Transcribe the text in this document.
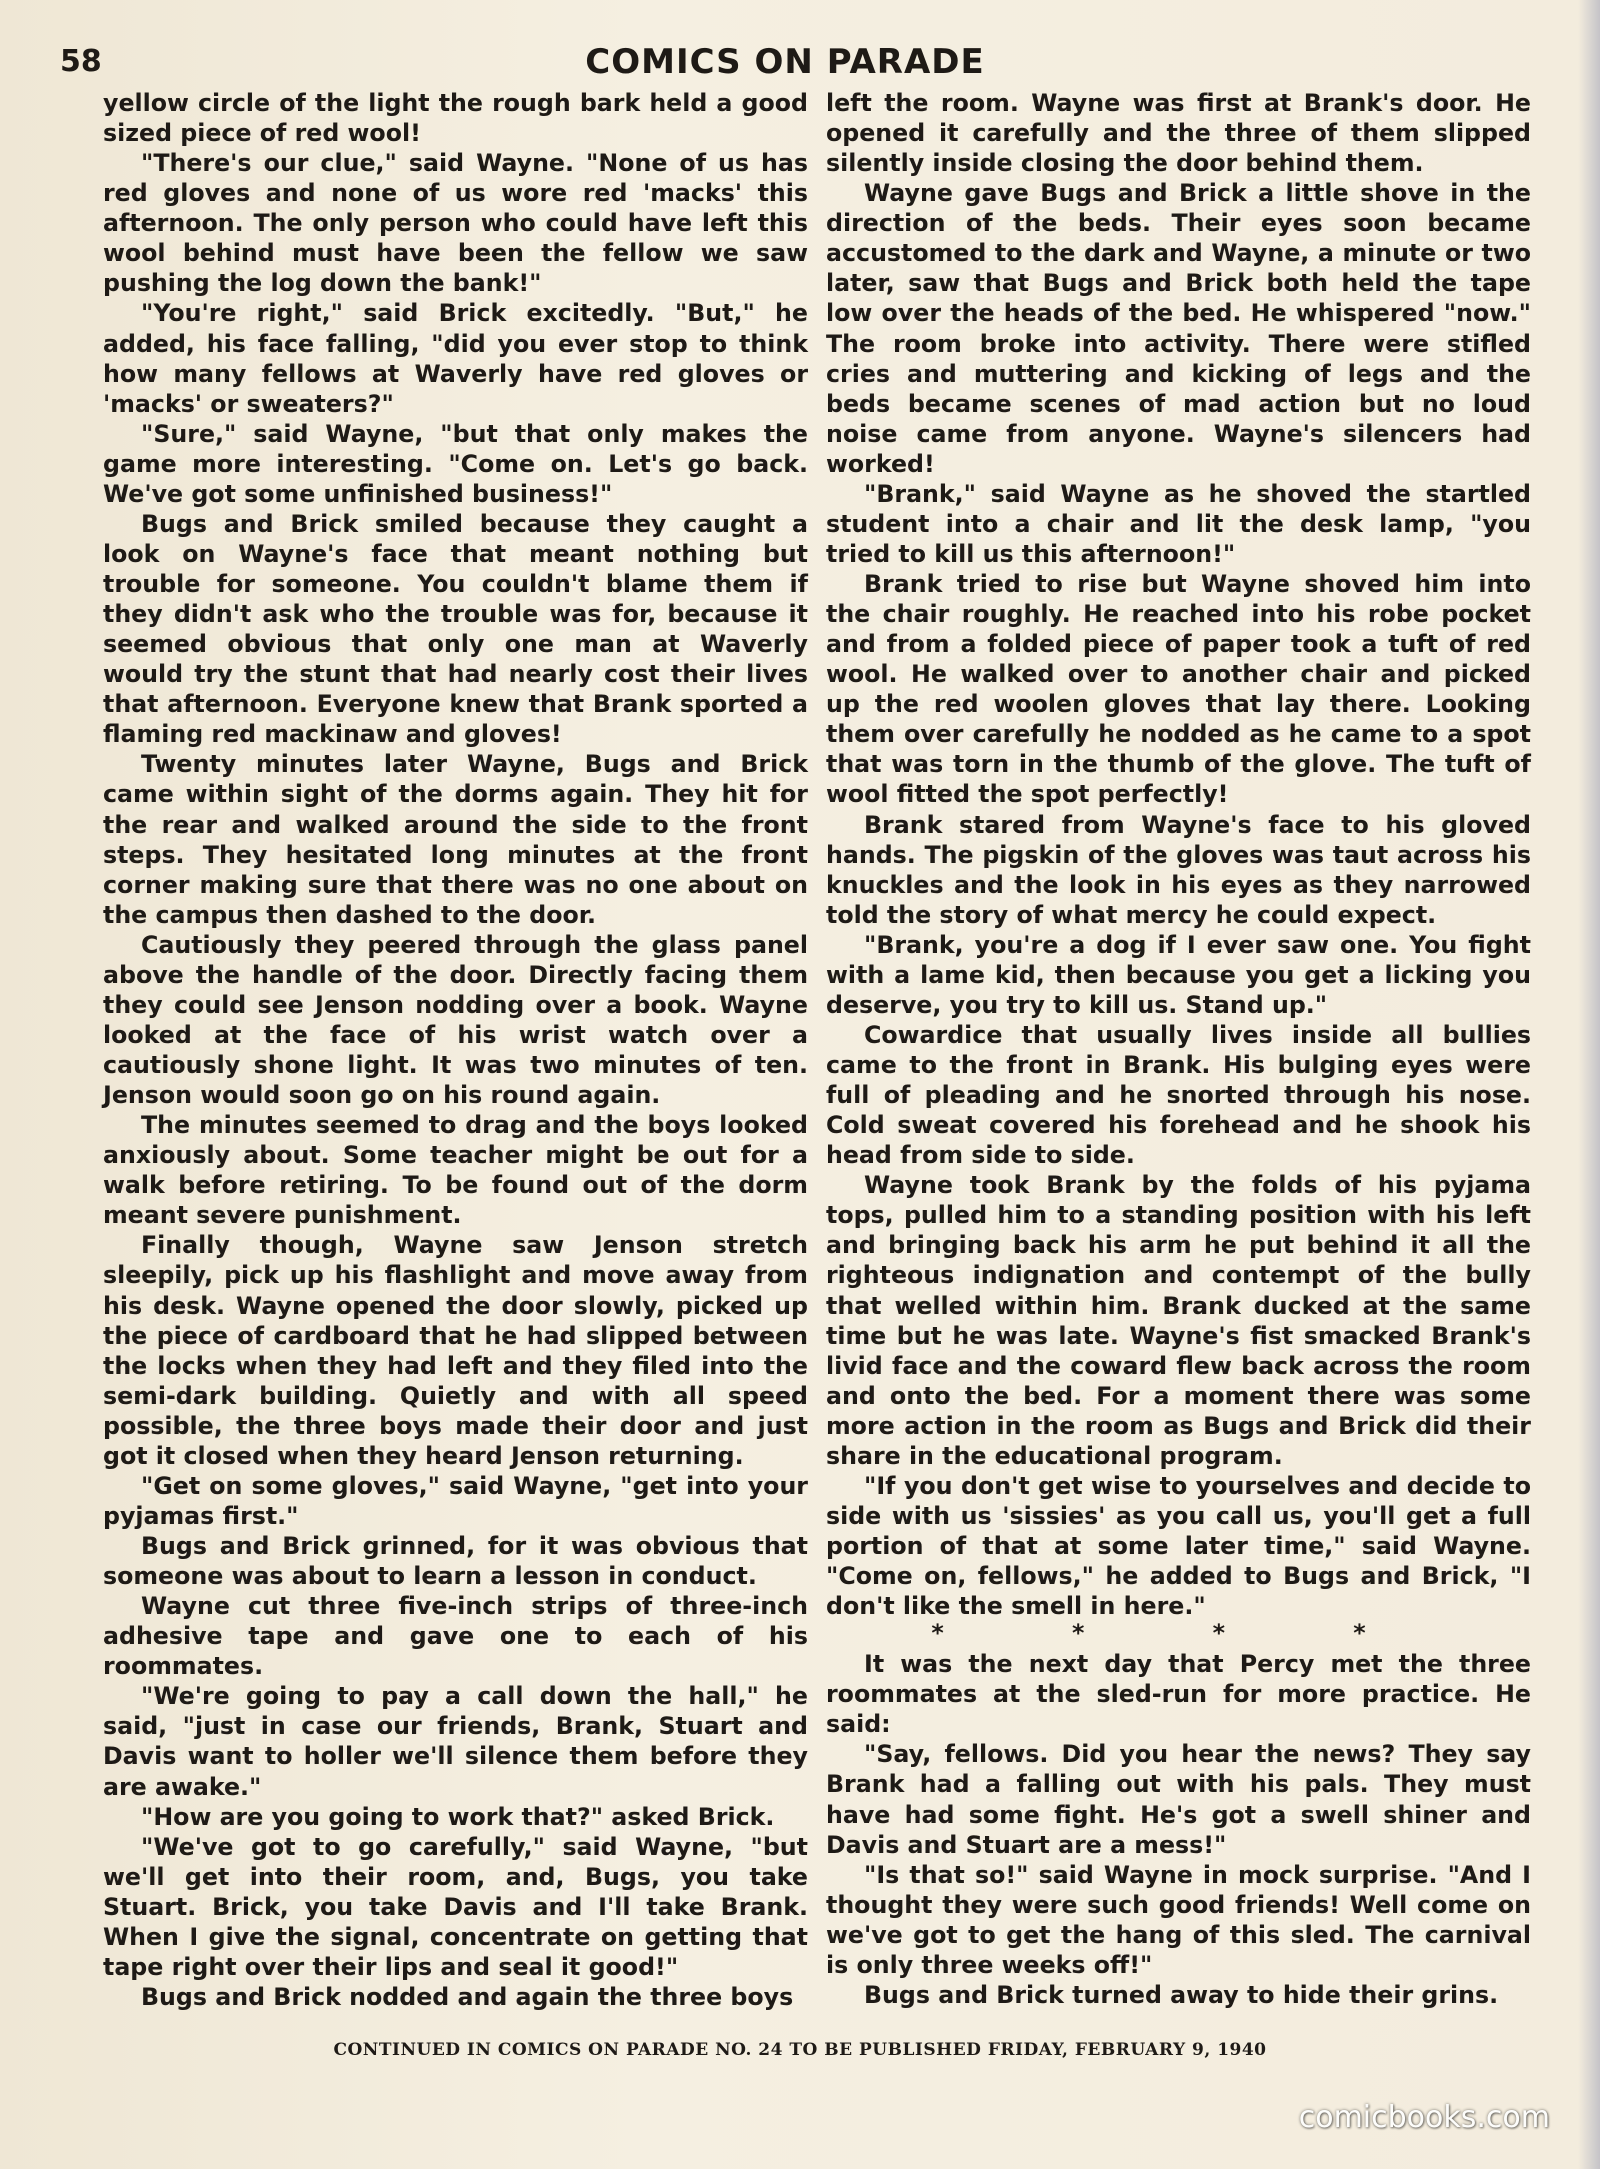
58	COMICS ON PARADE

yellow circle of the light the rough bark held a good sized piece of red wool!

"There's our clue," said Wayne. "None of us has red gloves and none of us wore red 'macks' this afternoon. The only person who could have left this wool behind must have been the fellow we saw pushing the log down the bank!"

"You're right," said Brick excitedly. "But," he added, his face falling, "did you ever stop to think how many fellows at Waverly have red gloves or 'macks' or sweaters?"

"Sure," said Wayne, "but that only makes the game more interesting. "Come on. Let's go back. We've got some unfinished business!"

Bugs and Brick smiled because they caught a look on Wayne's face that meant nothing but trouble for someone. You couldn't blame them if they didn't ask who the trouble was for, because it seemed obvious that only one man at Waverly would try the stunt that had nearly cost their lives that afternoon. Everyone knew that Brank sported a flaming red mackinaw and gloves!

Twenty minutes later Wayne, Bugs and Brick came within sight of the dorms again. They hit for the rear and walked around the side to the front steps. They hesitated long minutes at the front corner making sure that there was no one about on the campus then dashed to the door.

Cautiously they peered through the glass panel above the handle of the door. Directly facing them they could see Jenson nodding over a book. Wayne looked at the face of his wrist watch over a cautiously shone light. It was two minutes of ten. Jenson would soon go on his round again.

The minutes seemed to drag and the boys looked anxiously about. Some teacher might be out for a walk before retiring. To be found out of the dorm meant severe punishment.

Finally though, Wayne saw Jenson stretch sleepily, pick up his flashlight and move away from his desk. Wayne opened the door slowly, picked up the piece of cardboard that he had slipped between the locks when they had left and they filed into the semi-dark building. Quietly and with all speed possible, the three boys made their door and just got it closed when they heard Jenson returning.

"Get on some gloves," said Wayne, "get into your pyjamas first."

Bugs and Brick grinned, for it was obvious that someone was about to learn a lesson in conduct.

Wayne cut three five-inch strips of three-inch adhesive tape and gave one to each of his roommates.

"We're going to pay a call down the hall," he said, "just in case our friends, Brank, Stuart and Davis want to holler we'll silence them before they are awake."

"How are you going to work that?" asked Brick.

"We've got to go carefully," said Wayne, "but we'll get into their room, and, Bugs, you take Stuart. Brick, you take Davis and I'll take Brank. When I give the signal, concentrate on getting that tape right over their lips and seal it good!"

Bugs and Brick nodded and again the three boys

left the room. Wayne was first at Brank's door. He opened it carefully and the three of them slipped silently inside closing the door behind them.

Wayne gave Bugs and Brick a little shove in the direction of the beds. Their eyes soon became accustomed to the dark and Wayne, a minute or two later, saw that Bugs and Brick both held the tape low over the heads of the bed. He whispered "now." The room broke into activity. There were stifled cries and muttering and kicking of legs and the beds became scenes of mad action but no loud noise came from anyone. Wayne's silencers had worked!

"Brank," said Wayne as he shoved the startled student into a chair and lit the desk lamp, "you tried to kill us this afternoon!"

Brank tried to rise but Wayne shoved him into the chair roughly. He reached into his robe pocket and from a folded piece of paper took a tuft of red wool. He walked over to another chair and picked up the red woolen gloves that lay there. Looking them over carefully he nodded as he came to a spot that was torn in the thumb of the glove. The tuft of wool fitted the spot perfectly!

Brank stared from Wayne's face to his gloved hands. The pigskin of the gloves was taut across his knuckles and the look in his eyes as they narrowed told the story of what mercy he could expect.

"Brank, you're a dog if I ever saw one. You fight with a lame kid, then because you get a licking you deserve, you try to kill us. Stand up."

Cowardice that usually lives inside all bullies came to the front in Brank. His bulging eyes were full of pleading and he snorted through his nose. Cold sweat covered his forehead and he shook his head from side to side.

Wayne took Brank by the folds of his pyjama tops, pulled him to a standing position with his left and bringing back his arm he put behind it all the righteous indignation and contempt of the bully that welled within him. Brank ducked at the same time but he was late. Wayne's fist smacked Brank's livid face and the coward flew back across the room and onto the bed. For a moment there was some more action in the room as Bugs and Brick did their share in the educational program.

"If you don't get wise to yourselves and decide to side with us 'sissies' as you call us, you'll get a full portion of that at some later time," said Wayne. "Come on, fellows," he added to Bugs and Brick, "I don't like the smell in here."

* * * *

It was the next day that Percy met the three roommates at the sled-run for more practice. He said:

"Say, fellows. Did you hear the news? They say Brank had a falling out with his pals. They must have had some fight. He's got a swell shiner and Davis and Stuart are a mess!"

"Is that so!" said Wayne in mock surprise. "And I thought they were such good friends! Well come on we've got to get the hang of this sled. The carnival is only three weeks off!"

Bugs and Brick turned away to hide their grins.

CONTINUED IN COMICS ON PARADE NO. 24 TO BE PUBLISHED FRIDAY, FEBRUARY 9, 1940
comicbooks.com
